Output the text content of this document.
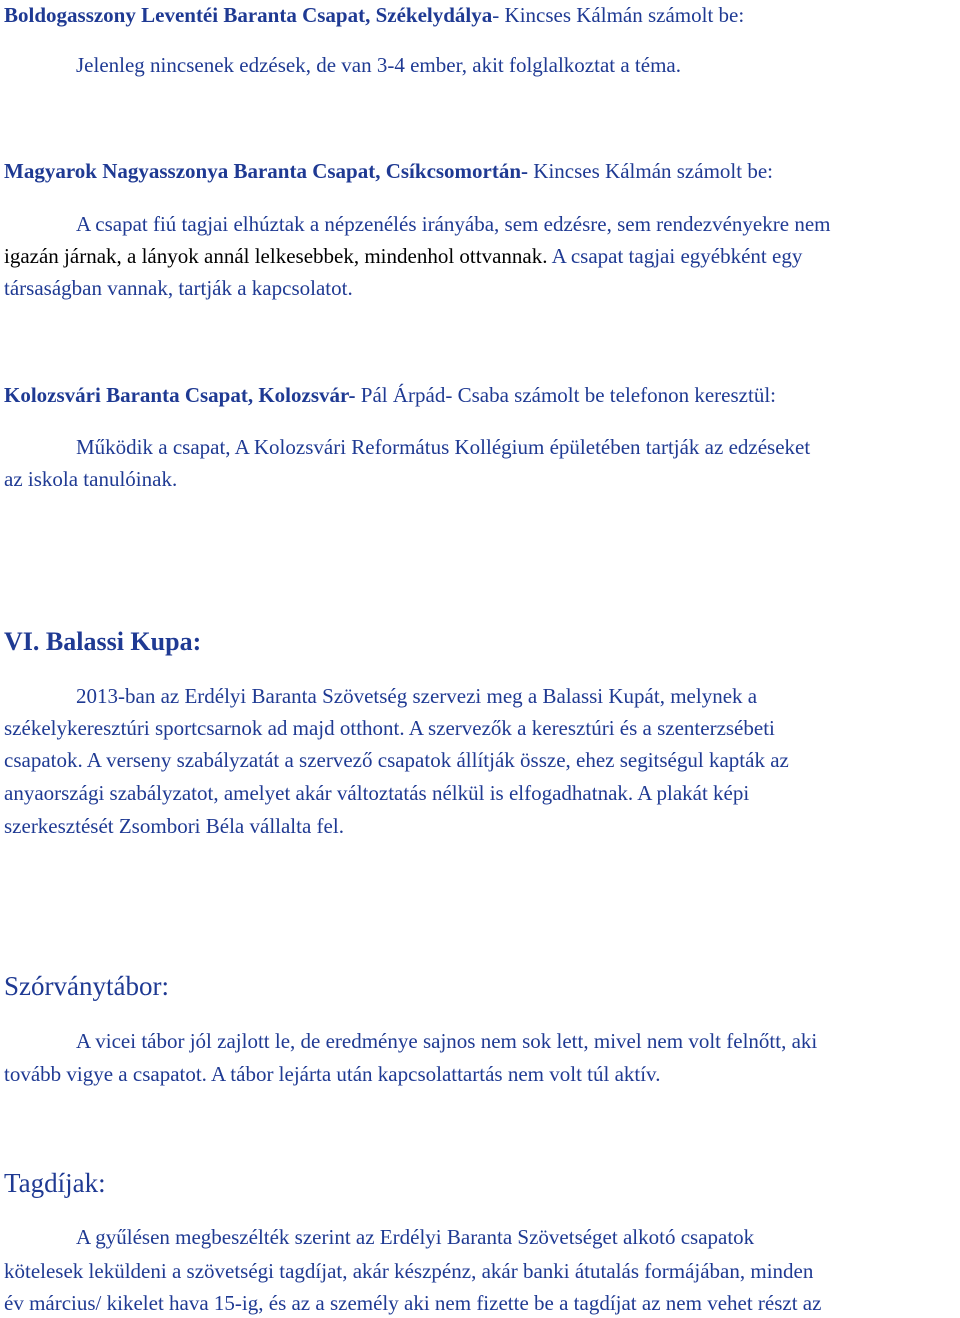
Boldogasszony Leventéi Baranta Csapat, Székelydálya- Kincses Kálmán számolt be:
Jelenleg nincsenek edzések, de van 3-4 ember, akit folglalkoztat a téma.
Magyarok Nagyasszonya Baranta Csapat, Csíkcsomortán- Kincses Kálmán számolt be:
A csapat fiú tagjai elhúztak a népzenélés irányába, sem edzésre, sem rendezvényekre nem
igazán járnak, a lányok annál lelkesebbek, mindenhol ottvannak. A csapat tagjai egyébként egy
társaságban vannak, tartják a kapcsolatot.
Kolozsvári Baranta Csapat, Kolozsvár- Pál Árpád- Csaba számolt be telefonon keresztül:
Működik a csapat, A Kolozsvári Református Kollégium épületében tartják az edzéseket
az iskola tanulóinak.
VI. Balassi Kupa:
2013-ban az Erdélyi Baranta Szövetség szervezi meg a Balassi Kupát, melynek a
székelykeresztúri sportcsarnok ad majd otthont. A szervezők a keresztúri és a szenterzsébeti
csapatok. A verseny szabályzatát a szervező csapatok állítják össze, ehez segitségul kapták az
anyaországi szabályzatot, amelyet akár változtatás nélkül is elfogadhatnak. A plakát képi
szerkesztését Zsombori Béla vállalta fel.
Szórványtábor:
A vicei tábor jól zajlott le, de eredménye sajnos nem sok lett, mivel nem volt felnőtt, aki
tovább vigye a csapatot. A tábor lejárta után kapcsolattartás nem volt túl aktív.
Tagdíjak:
A gyűlésen megbeszélték szerint az Erdélyi Baranta Szövetséget alkotó csapatok
kötelesek leküldeni a szövetségi tagdíjat, akár készpénz, akár banki átutalás formájában, minden
év március/ kikelet hava 15-ig, és az a személy aki nem fizette be a tagdíjat az nem vehet részt az
